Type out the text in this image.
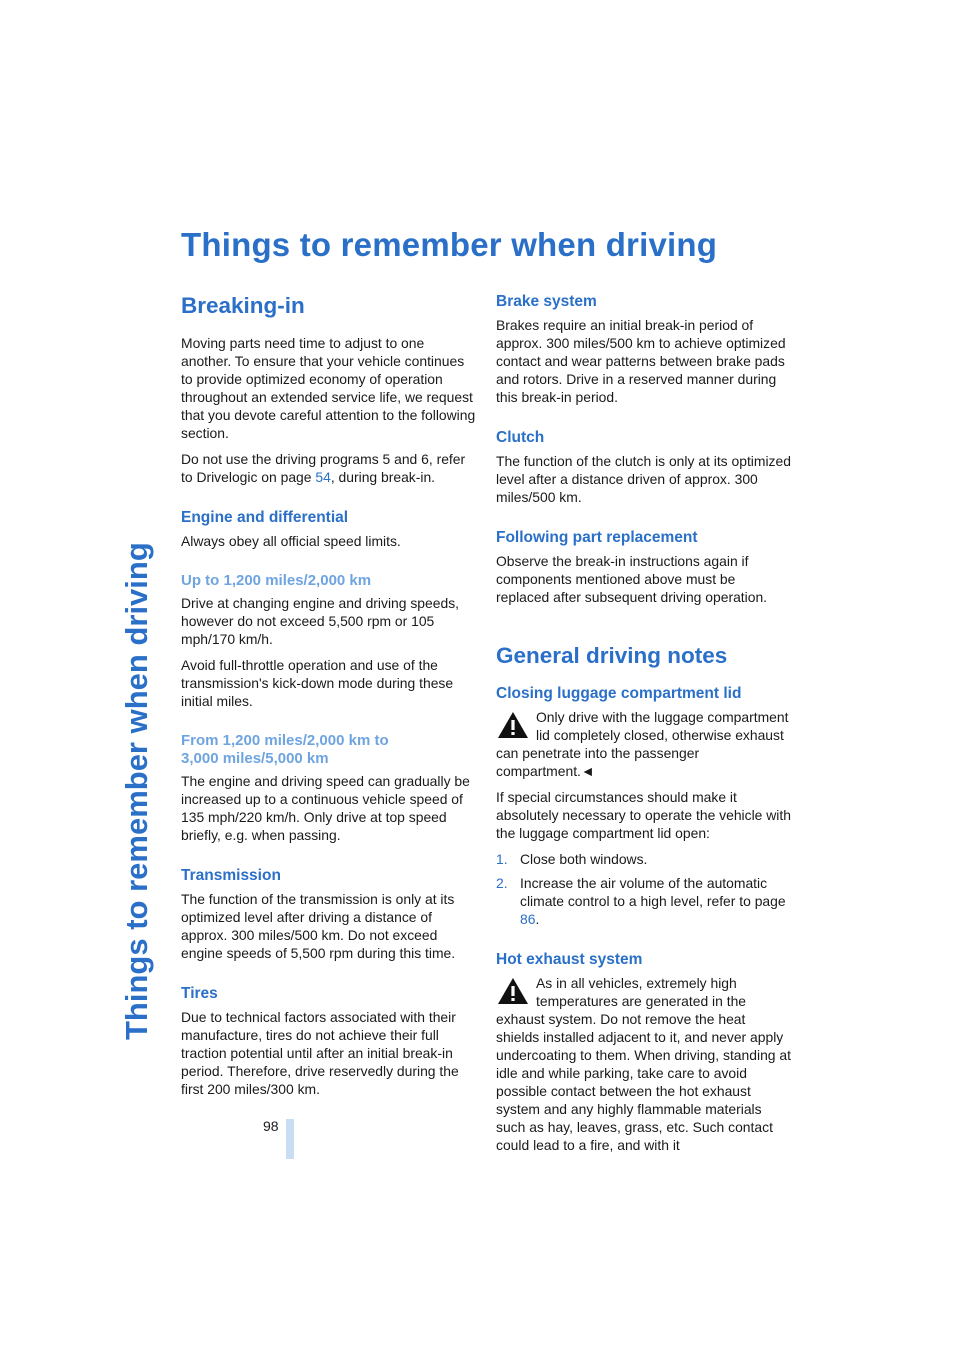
Things to remember when driving
Things to remember when driving
Breaking-in

Moving parts need time to adjust to one another. To ensure that your vehicle continues to provide optimized economy of operation throughout an extended service life, we request that you devote careful attention to the following section.

Do not use the driving programs 5 and 6, refer to Drivelogic on page 54, during break-in.

Engine and differential

Always obey all official speed limits.

Up to 1,200 miles/2,000 km

Drive at changing engine and driving speeds, however do not exceed 5,500 rpm or 105 mph/170 km/h.

Avoid full-throttle operation and use of the transmission's kick-down mode during these initial miles.

From 1,200 miles/2,000 km to
3,000 miles/5,000 km

The engine and driving speed can gradually be increased up to a continuous vehicle speed of 135 mph/220 km/h. Only drive at top speed briefly, e.g. when passing.

Transmission

The function of the transmission is only at its optimized level after driving a distance of approx. 300 miles/500 km. Do not exceed engine speeds of 5,500 rpm during this time.

Tires

Due to technical factors associated with their manufacture, tires do not achieve their full traction potential until after an initial break-in period. Therefore, drive reservedly during the first 200 miles/300 km.

Brake system

Brakes require an initial break-in period of approx. 300 miles/500 km to achieve optimized contact and wear patterns between brake pads and rotors. Drive in a reserved manner during this break-in period.

Clutch

The function of the clutch is only at its optimized level after a distance driven of approx. 300 miles/500 km.

Following part replacement

Observe the break-in instructions again if components mentioned above must be replaced after subsequent driving operation.

General driving notes
Closing luggage compartment lid

Only drive with the luggage compartment lid completely closed, otherwise exhaust can penetrate into the passenger compartment.◄

If special circumstances should make it absolutely necessary to operate the vehicle with the luggage compartment lid open:

1. Close both windows.
2. Increase the air volume of the automatic climate control to a high level, refer to page 86.
Hot exhaust system

As in all vehicles, extremely high temperatures are generated in the exhaust system. Do not remove the heat shields installed adjacent to it, and never apply undercoating to them. When driving, standing at idle and while parking, take care to avoid possible contact between the hot exhaust system and any highly flammable materials such as hay, leaves, grass, etc. Such contact could lead to a fire, and with it

98
